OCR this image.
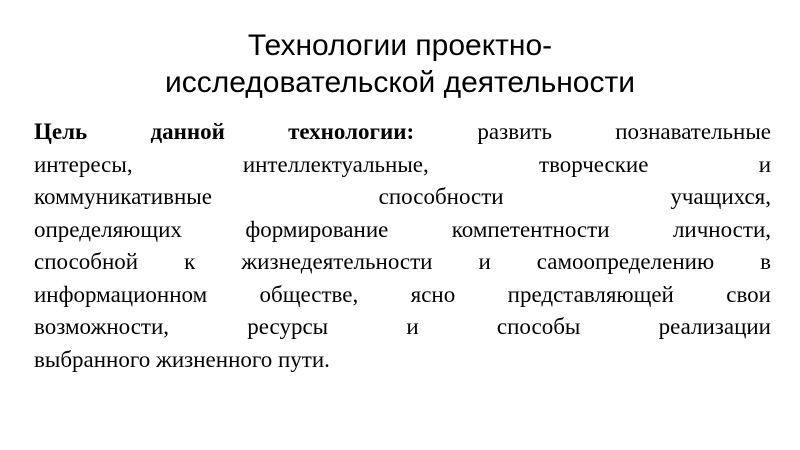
Технологии проектно-
исследовательской деятельности
Цель данной технологии: развить познавательные
интересы, интеллектуальные, творческие и
коммуникативные способности учащихся,
определяющих формирование компетентности личности,
способной к жизнедеятельности и самоопределению в
информационном обществе, ясно представляющей свои
возможности, ресурсы и способы реализации
выбранного жизненного пути.
